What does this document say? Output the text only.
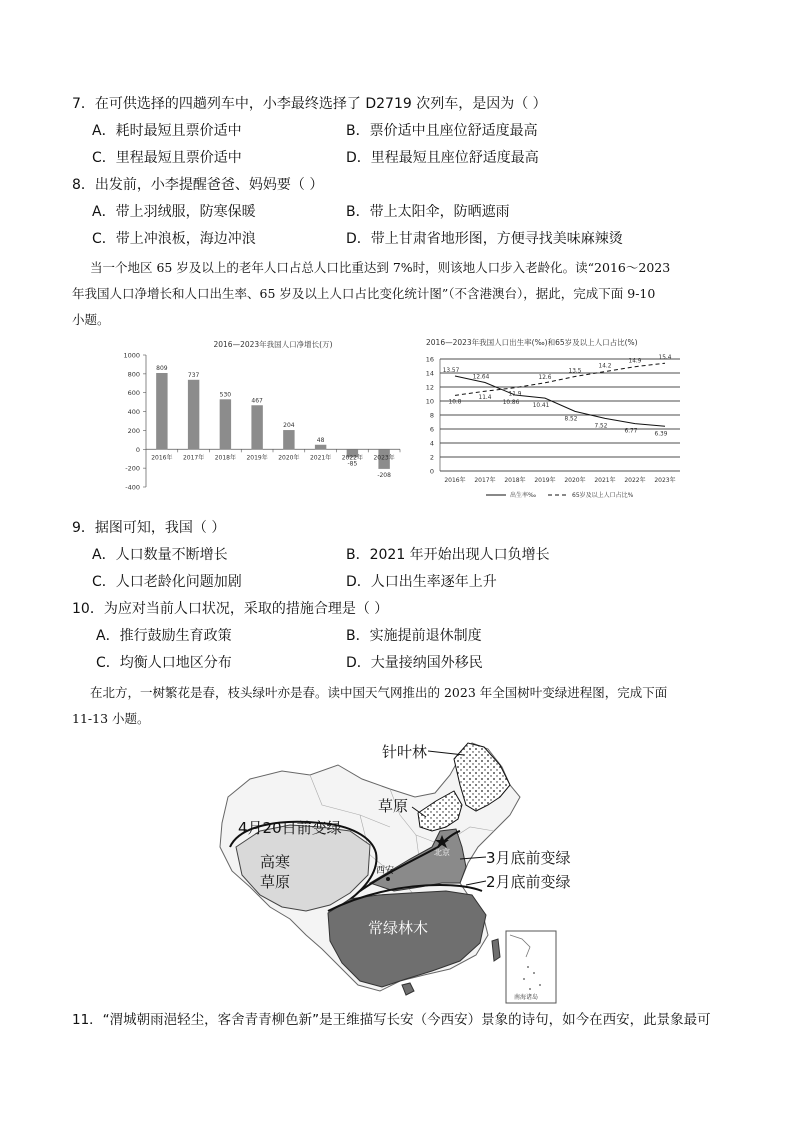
7．在可供选择的四趟列车中，小李最终选择了 D2719 次列车，是因为（ ）
A．耗时最短且票价适中	B．票价适中且座位舒适度最高
C．里程最短且票价适中	D．里程最短且座位舒适度最高
8．出发前，小李提醒爸爸、妈妈要（ ）
A．带上羽绒服，防寒保暖	B．带上太阳伞，防晒遮雨
C．带上冲浪板，海边冲浪	D．带上甘肃省地形图，方便寻找美味麻辣烫
当一个地区 65 岁及以上的老年人口占总人口比重达到 7%时，则该地人口步入老龄化。读“2016～2023
年我国人口净增长和人口出生率、65 岁及以上人口占比变化统计图”（不含港澳台），据此，完成下面 9-10
小题。
2016—2023年我国人口净增长(万)
1000
800
600
400
200
0
-200
-400
809
2016年
737
2017年
530
2018年
467
2019年
204
2020年
48
2021年
-85
2022年
-208
2023年
2016—2023年我国人口出生率(‰)和65岁及以上人口占比(%)
0
2
4
6
8
10
12
14
16
2016年 2017年 2018年 2019年 2020年 2021年 2022年 2023年
13.57
12.64
10.86
10.41
8.52
7.52
6.77	6.39
10.8
11.4
11.9
12.6
13.5
14.2
14.9
15.4
出生率‰	65岁及以上人口占比%
9．据图可知，我国（ ）
A．人口数量不断增长	B．2021 年开始出现人口负增长
C．人口老龄化问题加剧	D．人口出生率逐年上升
10．为应对当前人口状况，采取的措施合理是（ ）
A．推行鼓励生育政策	B．实施提前退休制度
C．均衡人口地区分布	D．大量接纳国外移民
在北方，一树繁花是春，枝头绿叶亦是春。读中国天气网推出的 2023 年全国树叶变绿进程图，完成下面
11-13 小题。
针叶林
草原
4月20日前变绿
高寒
草原
北京
西安
3月底前变绿
2月底前变绿
常绿林木
南海诸岛
11．“渭城朝雨浥轻尘，客舍青青柳色新”是王维描写长安（今西安）景象的诗句，如今在西安，此景象最可
